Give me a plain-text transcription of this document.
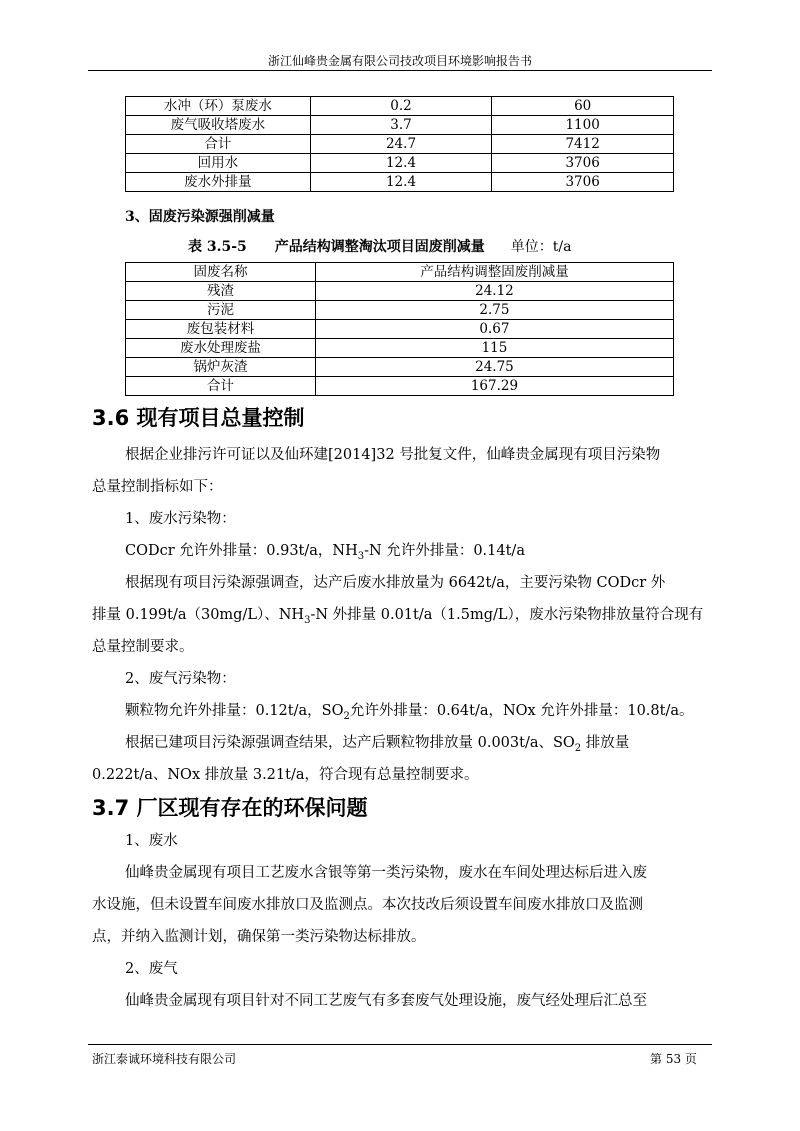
浙江仙峰贵金属有限公司技改项目环境影响报告书
水冲（环）泵废水	0.2	60
废气吸收塔废水	3.7	1100
合计	24.7	7412
回用水	12.4	3706
废水外排量	12.4	3706
3、固废污染源强削减量
表 3.5-5　　产品结构调整淘汰项目固废削减量 单位：t/a
固废名称	产品结构调整固废削减量
残渣	24.12
污泥	2.75
废包装材料	0.67
废水处理废盐	115
锅炉灰渣	24.75
合计	167.29
3.6 现有项目总量控制
根据企业排污许可证以及仙环建[2014]32 号批复文件，仙峰贵金属现有项目污染物
总量控制指标如下：
1、废水污染物：
CODcr 允许外排量：0.93t/a，$NH_3-N$ 允许外排量：0.14t/a
根据现有项目污染源强调查，达产后废水排放量为 6642t/a，主要污染物 CODcr 外
排量 0.199t/a（30mg/L）、$NH_3-N$ 外排量 0.01t/a（1.5mg/L），废水污染物排放量符合现有
总量控制要求。
2、废气污染物：
颗粒物允许外排量：0.12t/a，$SO_2$允许外排量：0.64t/a，NOx 允许外排量：10.8t/a。
根据已建项目污染源强调查结果，达产后颗粒物排放量 0.003t/a、$SO_2$ 排放量
0.222t/a、NOx 排放量 3.21t/a，符合现有总量控制要求。
3.7 厂区现有存在的环保问题
1、废水
仙峰贵金属现有项目工艺废水含银等第一类污染物，废水在车间处理达标后进入废
水设施，但未设置车间废水排放口及监测点。本次技改后须设置车间废水排放口及监测
点，并纳入监测计划，确保第一类污染物达标排放。
2、废气
仙峰贵金属现有项目针对不同工艺废气有多套废气处理设施，废气经处理后汇总至
浙江泰诚环境科技有限公司	第 53 页
